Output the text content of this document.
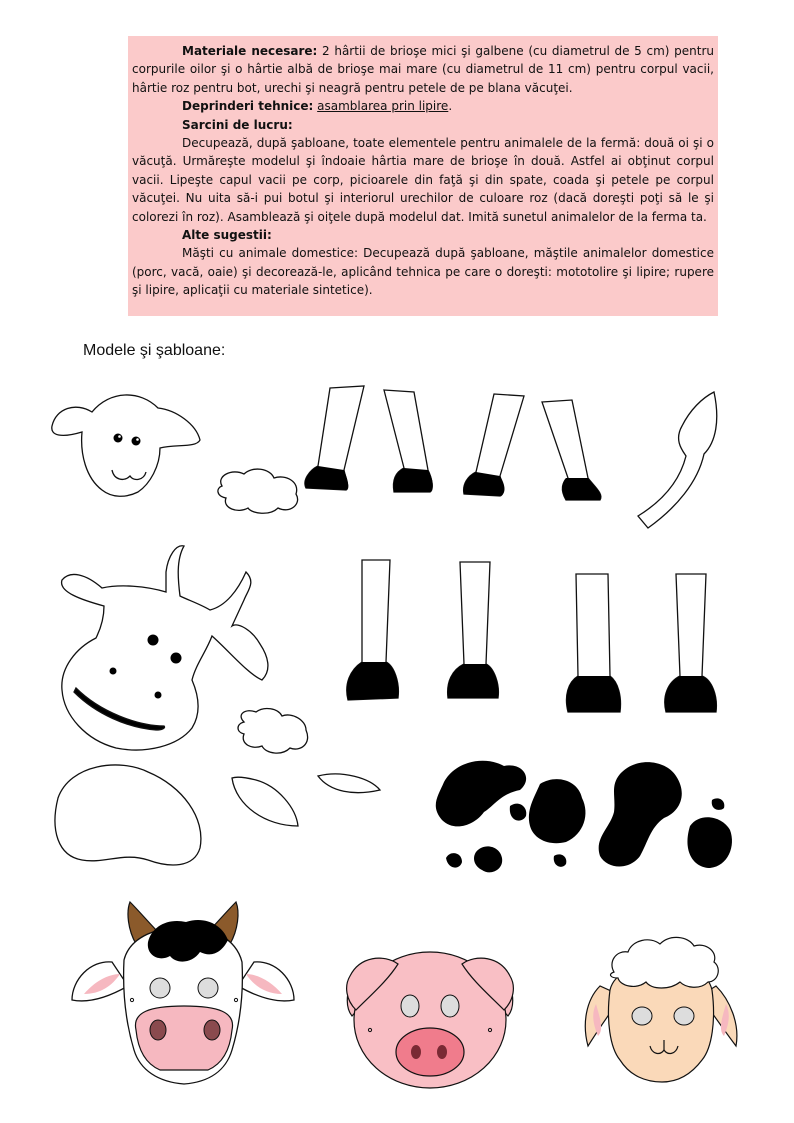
Materiale necesare: 2 hârtii de brioşe mici şi galbene (cu diametrul de 5 cm) pentru corpurile oilor şi o hârtie albă de brioşe mai mare (cu diametrul de 11 cm) pentru corpul vacii, hârtie roz pentru bot, urechi şi neagră pentru petele de pe blana văcuţei.

Deprinderi tehnice: asamblarea prin lipire.

Sarcini de lucru:

Decupează, după şabloane, toate elementele pentru animalele de la fermă: două oi şi o văcuţă. Urmăreşte modelul şi îndoaie hârtia mare de brioşe în două. Astfel ai obţinut corpul vacii. Lipeşte capul vacii pe corp, picioarele din faţă şi din spate, coada şi petele pe corpul văcuţei. Nu uita să-i pui botul şi interiorul urechilor de culoare roz (dacă doreşti poţi să le şi colorezi în roz). Asamblează şi oiţele după modelul dat. Imită sunetul animalelor de la ferma ta.

Alte sugestii:

Măşti cu animale domestice: Decupează după şabloane, măştile animalelor domestice (porc, vacă, oaie) şi decorează-le, aplicând tehnica pe care o doreşti: mototolire şi lipire; rupere şi lipire, aplicaţii cu materiale sintetice).

Modele şi şabloane:
